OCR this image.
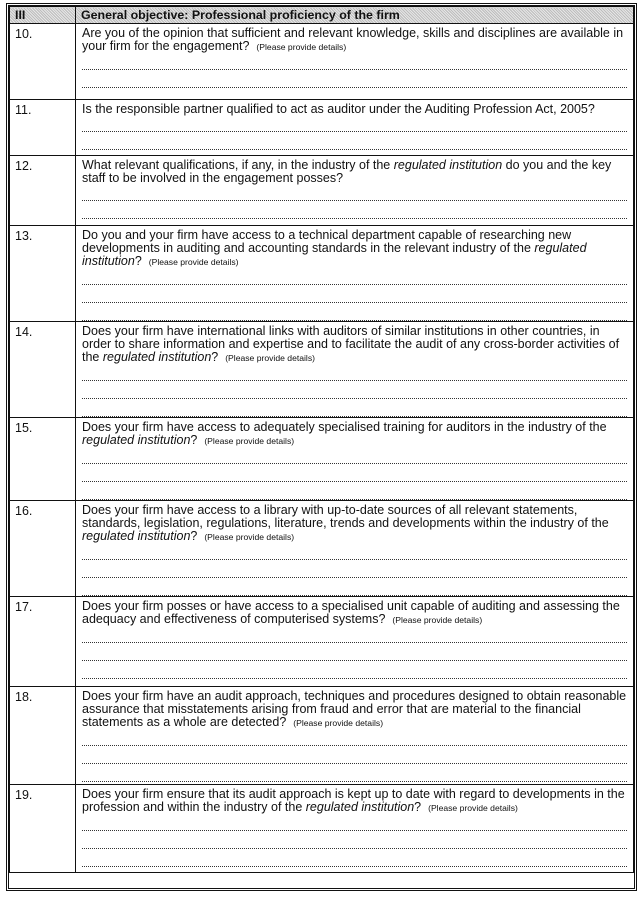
III	General objective: Professional proficiency of the firm

10.	Are you of the opinion that sufficient and relevant knowledge, skills and disciplines are available in your firm for the engagement? (Please provide details)

11.	Is the responsible partner qualified to act as auditor under the Auditing Profession Act, 2005?

12.	What relevant qualifications, if any, in the industry of the regulated institution do you and the key staff to be involved in the engagement posses?

13.	Do you and your firm have access to a technical department capable of researching new developments in auditing and accounting standards in the relevant industry of the regulated institution? (Please provide details)

14.	Does your firm have international links with auditors of similar institutions in other countries, in order to share information and expertise and to facilitate the audit of any cross-border activities of the regulated institution? (Please provide details)

15.	Does your firm have access to adequately specialised training for auditors in the industry of the regulated institution? (Please provide details)

16.	Does your firm have access to a library with up-to-date sources of all relevant statements, standards, legislation, regulations, literature, trends and developments within the industry of the regulated institution? (Please provide details)

17.	Does your firm posses or have access to a specialised unit capable of auditing and assessing the adequacy and effectiveness of computerised systems? (Please provide details)

18.	Does your firm have an audit approach, techniques and procedures designed to obtain reasonable assurance that misstatements arising from fraud and error that are material to the financial statements as a whole are detected? (Please provide details)

19.	Does your firm ensure that its audit approach is kept up to date with regard to developments in the profession and within the industry of the regulated institution? (Please provide details)
